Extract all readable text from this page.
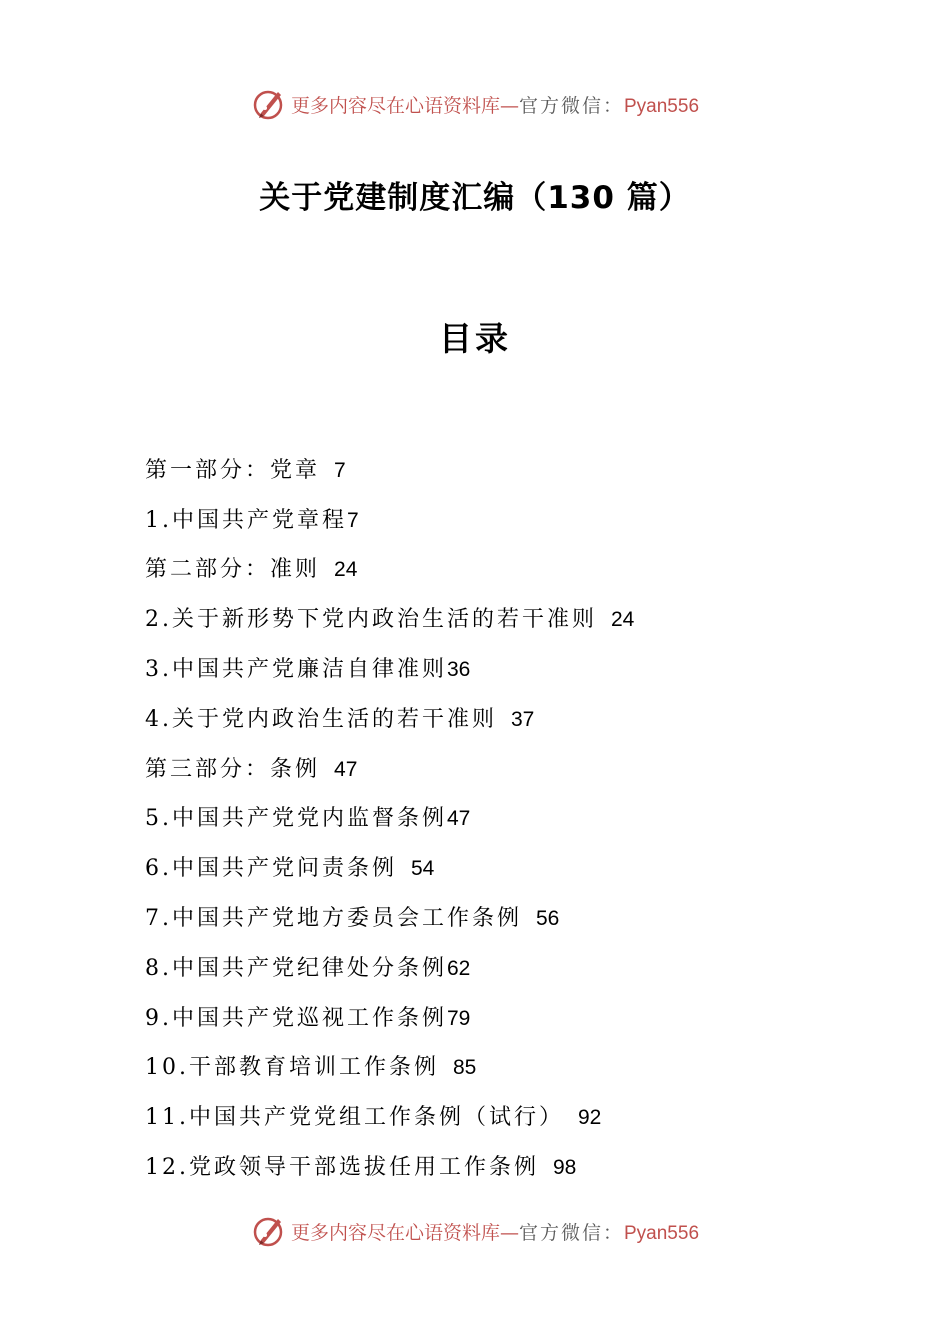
更多内容尽在心语资料库—官方微信：Pyan556
关于党建制度汇编（130 篇）
目录
第一部分：党章 7
1.中国共产党章程 7
第二部分：准则 24
2.关于新形势下党内政治生活的若干准则 24
3.中国共产党廉洁自律准则 36
4.关于党内政治生活的若干准则 37
第三部分：条例 47
5.中国共产党党内监督条例 47
6.中国共产党问责条例 54
7.中国共产党地方委员会工作条例 56
8.中国共产党纪律处分条例 62
9.中国共产党巡视工作条例 79
10.干部教育培训工作条例 85
11.中国共产党党组工作条例（试行） 92
12.党政领导干部选拔任用工作条例 98
更多内容尽在心语资料库—官方微信：Pyan556
